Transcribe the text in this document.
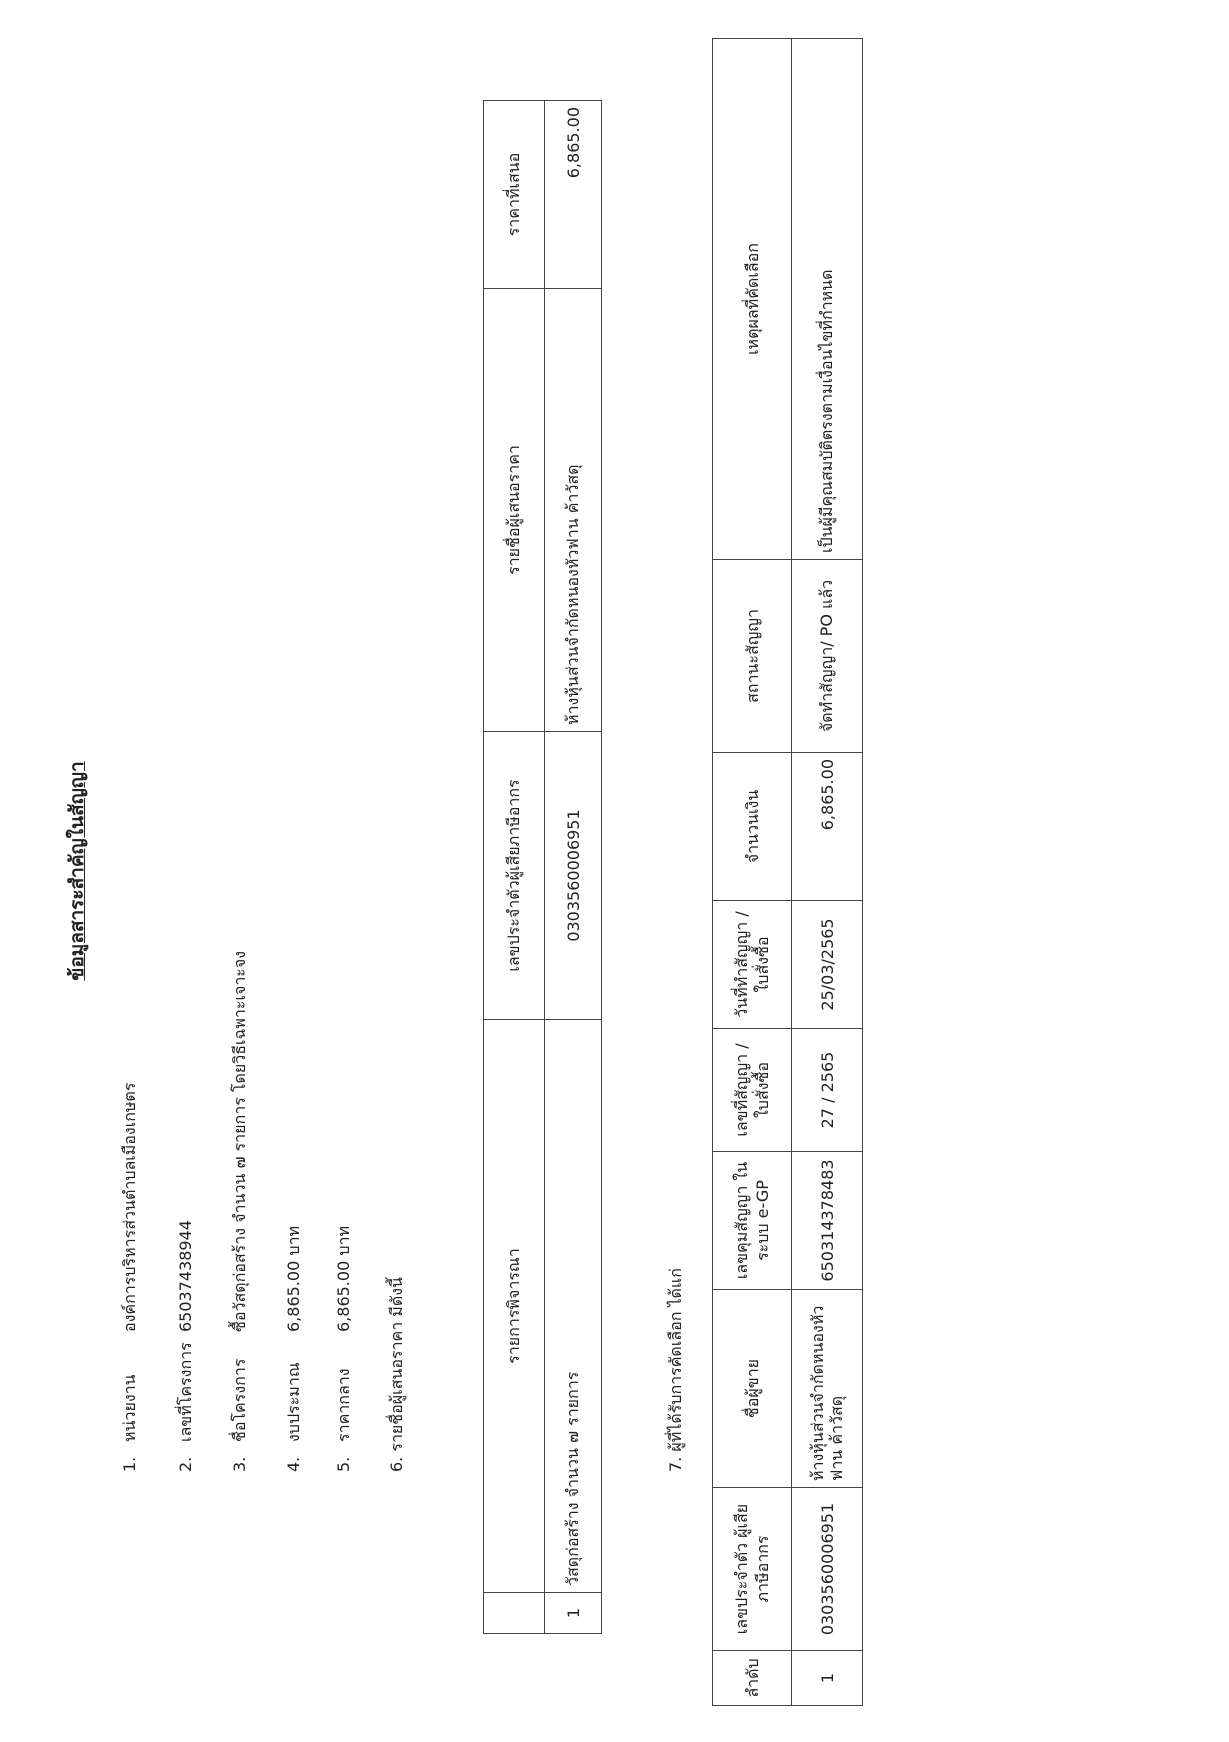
ข้อมูลสาระสำคัญในสัญญา
1.หน่วยงานองค์การบริหารส่วนตำบลเมืองเกษตร
2.เลขที่โครงการ65037438944
3.ชื่อโครงการซื้อวัสดุก่อสร้าง จำนวน ๗ รายการ โดยวิธีเฉพาะเจาะจง
4.งบประมาณ6,865.00 บาท
5.ราคากลาง6,865.00 บาท 6. รายชื่อผู้เสนอราคา มีดังนี้
		รายการพิจารณา	เลขประจำตัวผู้เสียภาษีอากร	รายชื่อผู้เสนอราคา	ราคาที่เสนอ
1	วัสดุก่อสร้าง จำนวน ๗ รายการ	0303560006951	ห้างหุ้นส่วนจำกัดหนองหัวฟาน ค้าวัสดุ	6,865.00
7. ผู้ที่ได้รับการคัดเลือก ได้แก่
ลำดับ	เลขประจำตัว ผู้เสียภาษีอากร	ชื่อผู้ขาย	เลขคุมสัญญา ในระบบ e-GP	เลขที่สัญญา / ใบสั่งซื้อ	วันที่ทำสัญญา / ใบสั่งซื้อ	จำนวนเงิน	สถานะสัญญา	เหตุผลที่คัดเลือก
1	0303560006951	ห้างหุ้นส่วนจำกัดหนองหัวฟาน ค้าวัสดุ	650314378483	27 / 2565	25/03/2565	6,865.00	จัดทำสัญญา/ PO แล้ว	เป็นผู้มีคุณสมบัติตรงตามเงื่อนไขที่กำหนด
